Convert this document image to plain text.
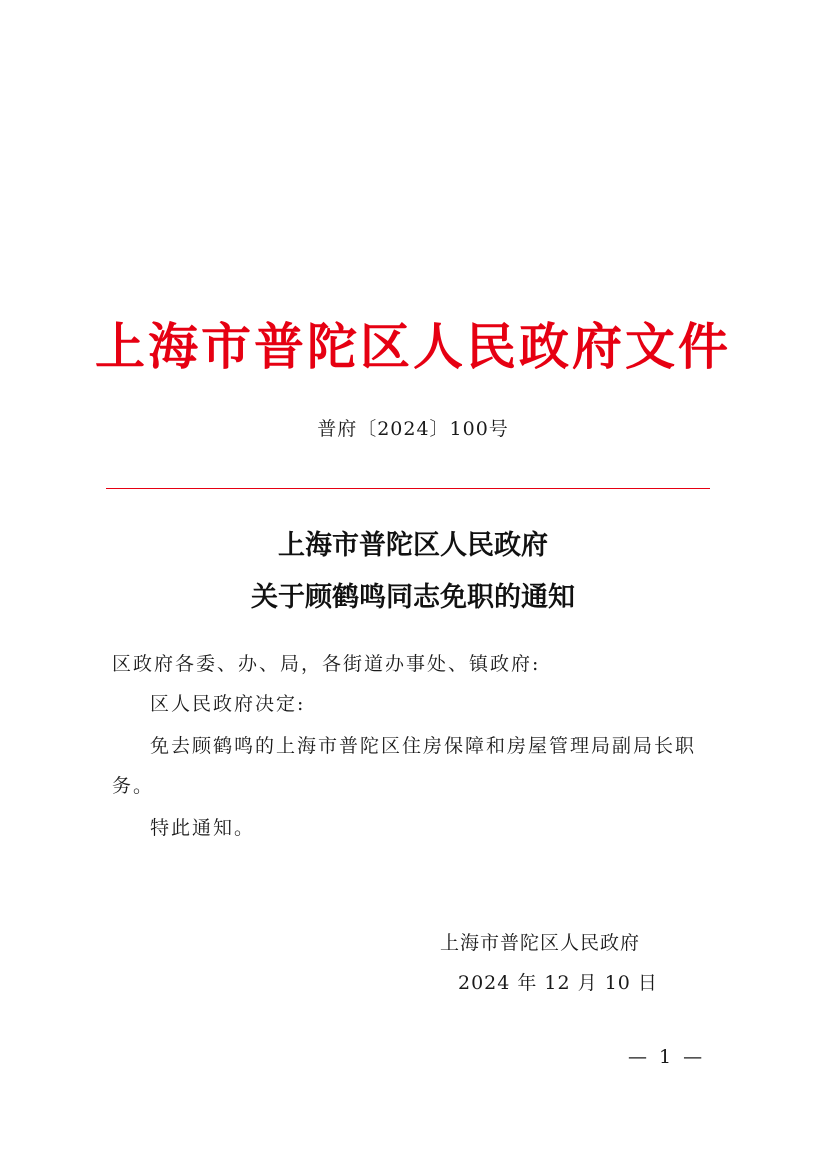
上海市普陀区人民政府文件
普府〔2024〕100号
上海市普陀区人民政府
关于顾鹤鸣同志免职的通知
区政府各委、办、局，各街道办事处、镇政府:
区人民政府决定:
免去顾鹤鸣的上海市普陀区住房保障和房屋管理局副局长职
务。
特此通知。
上海市普陀区人民政府
2024 年 12 月 10 日
— 1 —
